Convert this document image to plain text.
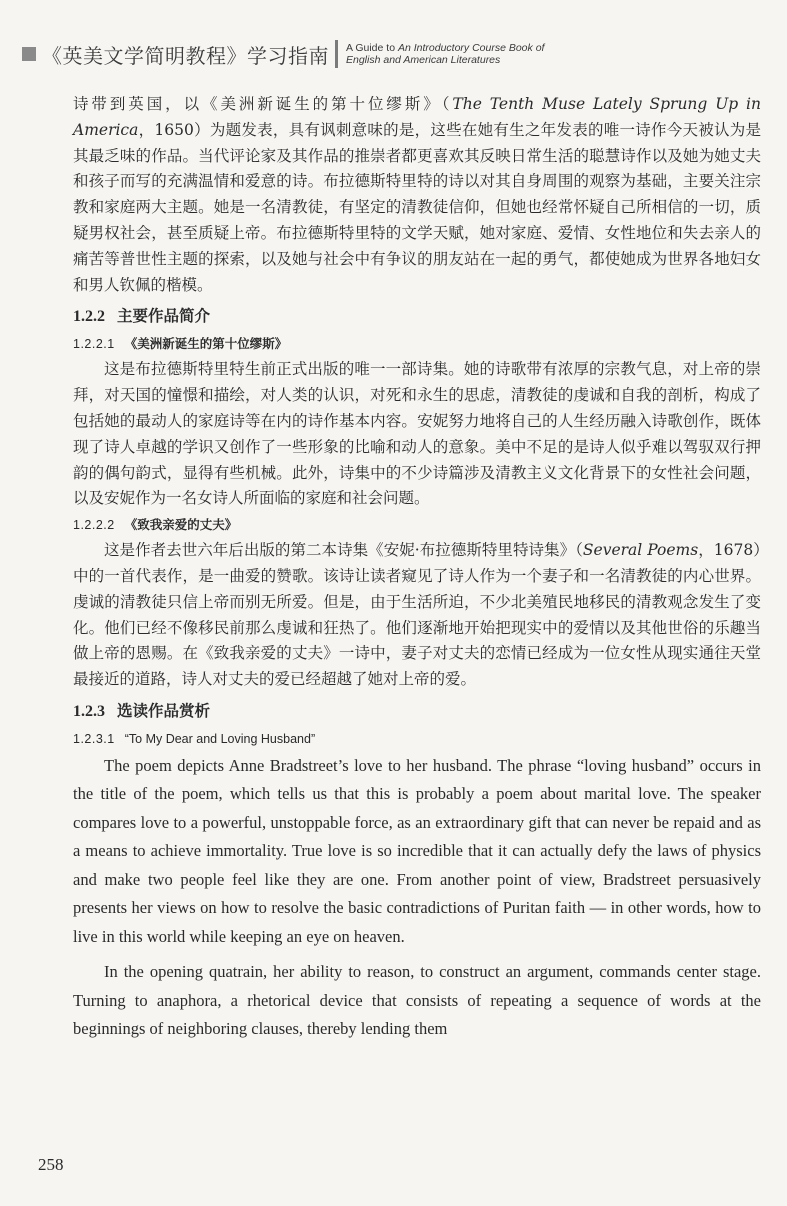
《英美文学简明教程》学习指南 A Guide to An Introductory Course Book of
English and American Literatures

诗带到英国，以《美洲新诞生的第十位缪斯》（The Tenth Muse Lately Sprung Up in America，1650）为题发表，具有讽刺意味的是，这些在她有生之年发表的唯一诗作今天被认为是其最乏味的作品。当代评论家及其作品的推崇者都更喜欢其反映日常生活的聪慧诗作以及她为她丈夫和孩子而写的充满温情和爱意的诗。布拉德斯特里特的诗以对其自身周围的观察为基础，主要关注宗教和家庭两大主题。她是一名清教徒，有坚定的清教徒信仰，但她也经常怀疑自己所相信的一切，质疑男权社会，甚至质疑上帝。布拉德斯特里特的文学天赋，她对家庭、爱情、女性地位和失去亲人的痛苦等普世性主题的探索，以及她与社会中有争议的朋友站在一起的勇气，都使她成为世界各地妇女和男人钦佩的楷模。

1.2.2 主要作品简介
1.2.2.1 《美洲新诞生的第十位缪斯》

这是布拉德斯特里特生前正式出版的唯一一部诗集。她的诗歌带有浓厚的宗教气息，对上帝的崇拜，对天国的憧憬和描绘，对人类的认识，对死和永生的思虑，清教徒的虔诚和自我的剖析，构成了包括她的最动人的家庭诗等在内的诗作基本内容。安妮努力地将自己的人生经历融入诗歌创作，既体现了诗人卓越的学识又创作了一些形象的比喻和动人的意象。美中不足的是诗人似乎难以驾驭双行押韵的偶句韵式，显得有些机械。此外，诗集中的不少诗篇涉及清教主义文化背景下的女性社会问题，以及安妮作为一名女诗人所面临的家庭和社会问题。

1.2.2.2 《致我亲爱的丈夫》

这是作者去世六年后出版的第二本诗集《安妮·布拉德斯特里特诗集》（Several Poems，1678）中的一首代表作，是一曲爱的赞歌。该诗让读者窥见了诗人作为一个妻子和一名清教徒的内心世界。虔诚的清教徒只信上帝而别无所爱。但是，由于生活所迫，不少北美殖民地移民的清教观念发生了变化。他们已经不像移民前那么虔诚和狂热了。他们逐渐地开始把现实中的爱情以及其他世俗的乐趣当做上帝的恩赐。在《致我亲爱的丈夫》一诗中，妻子对丈夫的恋情已经成为一位女性从现实通往天堂最接近的道路，诗人对丈夫的爱已经超越了她对上帝的爱。

1.2.3 选读作品赏析
1.2.3.1 “To My Dear and Loving Husband”

The poem depicts Anne Bradstreet’s love to her husband. The phrase “loving husband” occurs in the title of the poem, which tells us that this is probably a poem about marital love. The speaker compares love to a powerful, unstoppable force, as an extraordinary gift that can never be repaid and as a means to achieve immortality. True love is so incredible that it can actually defy the laws of physics and make two people feel like they are one. From another point of view, Bradstreet persuasively presents her views on how to resolve the basic contradictions of Puritan faith — in other words, how to live in this world while keeping an eye on heaven.

In the opening quatrain, her ability to reason, to construct an argument, commands center stage. Turning to anaphora, a rhetorical device that consists of repeating a sequence of words at the beginnings of neighboring clauses, thereby lending them

258
